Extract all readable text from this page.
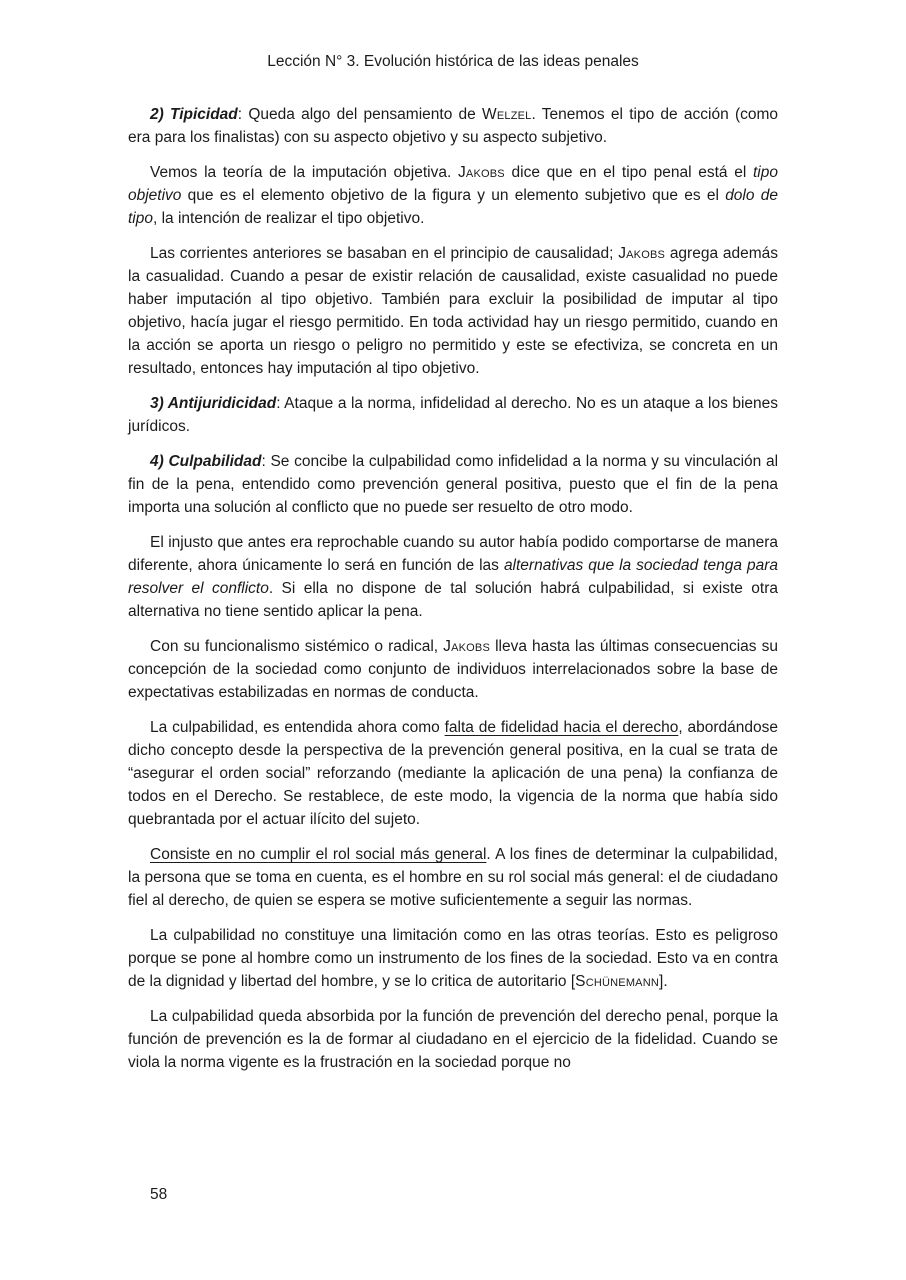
Lección N° 3. Evolución histórica de las ideas penales

2) Tipicidad: Queda algo del pensamiento de Welzel. Tenemos el tipo de acción (como era para los finalistas) con su aspecto objetivo y su aspecto subjetivo.

Vemos la teoría de la imputación objetiva. Jakobs dice que en el tipo penal está el tipo objetivo que es el elemento objetivo de la figura y un elemento subjetivo que es el dolo de tipo, la intención de realizar el tipo objetivo.

Las corrientes anteriores se basaban en el principio de causalidad; Jakobs agrega además la casualidad. Cuando a pesar de existir relación de causalidad, existe casualidad no puede haber imputación al tipo objetivo. También para excluir la posibilidad de imputar al tipo objetivo, hacía jugar el riesgo permitido. En toda actividad hay un riesgo permitido, cuando en la acción se aporta un riesgo o peligro no permitido y este se efectiviza, se concreta en un resultado, entonces hay imputación al tipo objetivo.

3) Antijuridicidad: Ataque a la norma, infidelidad al derecho. No es un ataque a los bienes jurídicos.

4) Culpabilidad: Se concibe la culpabilidad como infidelidad a la norma y su vinculación al fin de la pena, entendido como prevención general positiva, puesto que el fin de la pena importa una solución al conflicto que no puede ser resuelto de otro modo.

El injusto que antes era reprochable cuando su autor había podido comportarse de manera diferente, ahora únicamente lo será en función de las alternativas que la sociedad tenga para resolver el conflicto. Si ella no dispone de tal solución habrá culpabilidad, si existe otra alternativa no tiene sentido aplicar la pena.

Con su funcionalismo sistémico o radical, Jakobs lleva hasta las últimas consecuencias su concepción de la sociedad como conjunto de individuos interrelacionados sobre la base de expectativas estabilizadas en normas de conducta.

La culpabilidad, es entendida ahora como falta de fidelidad hacia el derecho, abordándose dicho concepto desde la perspectiva de la prevención general positiva, en la cual se trata de “asegurar el orden social” reforzando (mediante la aplicación de una pena) la confianza de todos en el Derecho. Se restablece, de este modo, la vigencia de la norma que había sido quebrantada por el actuar ilícito del sujeto.

Consiste en no cumplir el rol social más general. A los fines de determinar la culpabilidad, la persona que se toma en cuenta, es el hombre en su rol social más general: el de ciudadano fiel al derecho, de quien se espera se motive suficientemente a seguir las normas.

La culpabilidad no constituye una limitación como en las otras teorías. Esto es peligroso porque se pone al hombre como un instrumento de los fines de la sociedad. Esto va en contra de la dignidad y libertad del hombre, y se lo critica de autoritario [Schünemann].

La culpabilidad queda absorbida por la función de prevención del derecho penal, porque la función de prevención es la de formar al ciudadano en el ejercicio de la fidelidad. Cuando se viola la norma vigente es la frustración en la sociedad porque no

58
